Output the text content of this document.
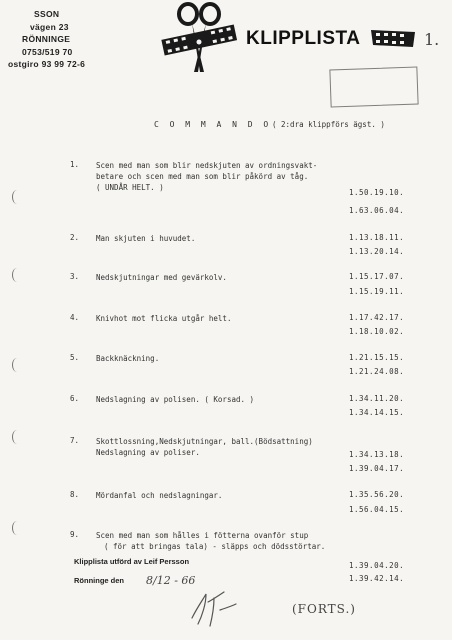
SSON
vägen 23
RÖNNINGE
0753/519 70
ostgiro 93 99 72-6
KLIPPLISTA	1.
C O M M A N D O ( 2:dra klippförs ägst. )
1. Scen med man som blir nedskjuten av ordningsvakt-
betare och scen med man som blir påkörd av tåg.
( UNDÅR HELT. )
1.50.19.10.
1.63.06.04.
2. Man skjuten i huvudet.	1.13.18.11.
1.13.20.14.
3. Nedskjutningar med gevärkolv.	1.15.17.07.
1.15.19.11.
4. Knivhot mot flicka utgår helt.	1.17.42.17.
1.18.10.02.
5. Backknäckning.	1.21.15.15.
1.21.24.08.
6. Nedslagning av polisen. ( Korsad. )	1.34.11.20.
1.34.14.15.
7. Skottlossning,Nedskjutningar, ball.(Bödsattning)
Nedslagning av poliser.	1.34.13.18.
1.39.04.17.
8. Mördanfal och nedslagningar.	1.35.56.20.
1.56.04.15.
9. Scen med man som hålles i fötterna ovanför stup
( för att bringas tala) - släpps och dödsstörtar.
1.39.04.20.
1.39.42.14.
Klipplista utförd av Leif Persson
Rönninge den 8/12 - 66
(FORTS.)
